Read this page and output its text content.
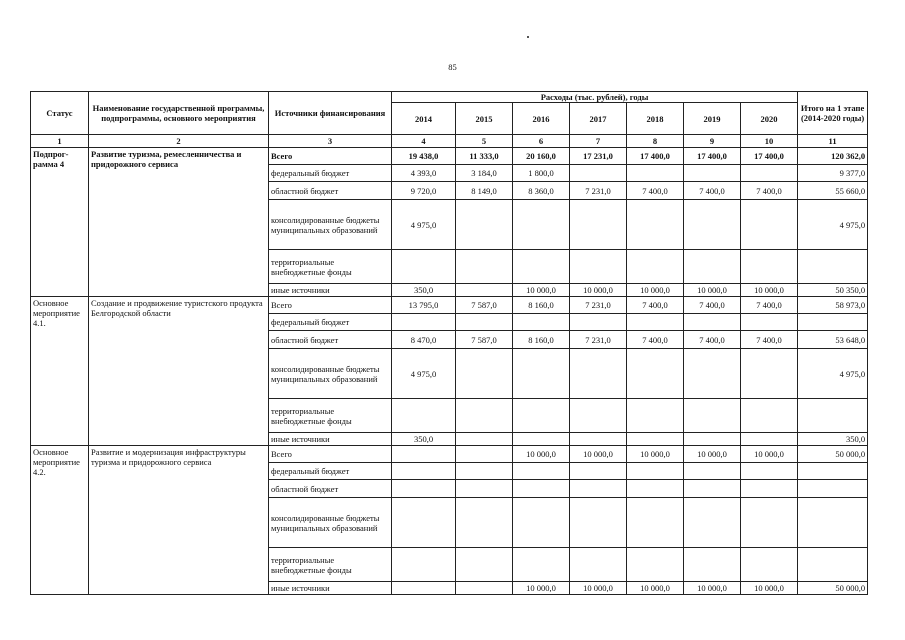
85
Статус	Наименование государственной программы, подпрограммы, основного мероприятия	Источники финансирования	Расходы (тыс. рублей), годы							Итого на 1 этапе (2014-2020 годы)
			2014	2015	2016	2017	2018	2019	2020	
1	2	3	4	5	6	7	8	9	10	11
Подпрог-рамма 4	Развитие туризма, ремесленничества и придорожного сервиса	Всего	19 438,0	11 333,0	20 160,0	17 231,0	17 400,0	17 400,0	17 400,0	120 362,0
		федеральный бюджет	4 393,0	3 184,0	1 800,0					9 377,0
		областной бюджет	9 720,0	8 149,0	8 360,0	7 231,0	7 400,0	7 400,0	7 400,0	55 660,0
		консолидированные бюджеты муниципальных образований	4 975,0							4 975,0
		территориальные внебюджетные фонды								
		иные источники	350,0		10 000,0	10 000,0	10 000,0	10 000,0	10 000,0	50 350,0
Основное мероприятие 4.1.	Создание и продвижение туристского продукта Белгородской области	Всего	13 795,0	7 587,0	8 160,0	7 231,0	7 400,0	7 400,0	7 400,0	58 973,0
		федеральный бюджет								
		областной бюджет	8 470,0	7 587,0	8 160,0	7 231,0	7 400,0	7 400,0	7 400,0	53 648,0
		консолидированные бюджеты муниципальных образований	4 975,0							4 975,0
		территориальные внебюджетные фонды								
		иные источники	350,0							350,0
Основное мероприятие 4.2.	Развитие и модернизация инфраструктуры туризма и придорожного сервиса	Всего			10 000,0	10 000,0	10 000,0	10 000,0	10 000,0	50 000,0
		федеральный бюджет								
		областной бюджет								
		консолидированные бюджеты муниципальных образований								
		территориальные внебюджетные фонды								
		иные источники			10 000,0	10 000,0	10 000,0	10 000,0	10 000,0	50 000,0
